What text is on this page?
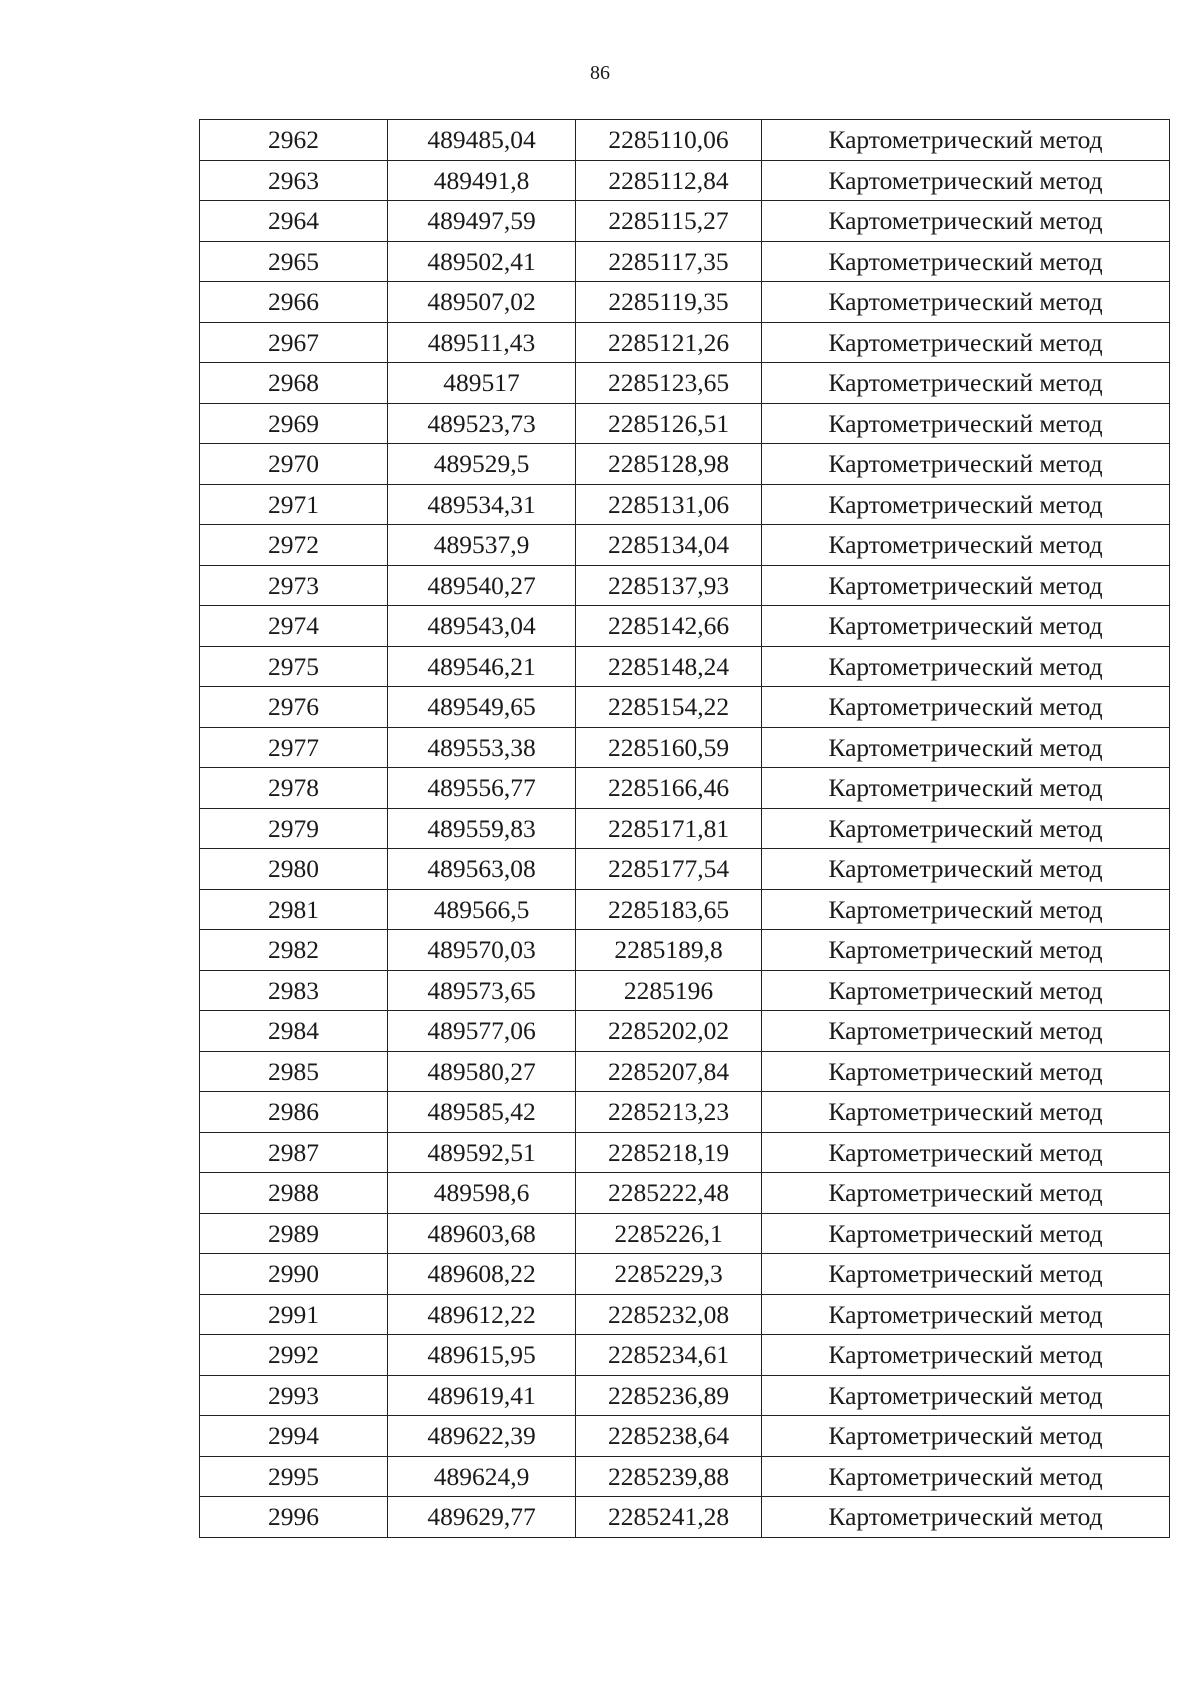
86
2962	489485,04	2285110,06	Картометрический метод
2963	489491,8	2285112,84	Картометрический метод
2964	489497,59	2285115,27	Картометрический метод
2965	489502,41	2285117,35	Картометрический метод
2966	489507,02	2285119,35	Картометрический метод
2967	489511,43	2285121,26	Картометрический метод
2968	489517	2285123,65	Картометрический метод
2969	489523,73	2285126,51	Картометрический метод
2970	489529,5	2285128,98	Картометрический метод
2971	489534,31	2285131,06	Картометрический метод
2972	489537,9	2285134,04	Картометрический метод
2973	489540,27	2285137,93	Картометрический метод
2974	489543,04	2285142,66	Картометрический метод
2975	489546,21	2285148,24	Картометрический метод
2976	489549,65	2285154,22	Картометрический метод
2977	489553,38	2285160,59	Картометрический метод
2978	489556,77	2285166,46	Картометрический метод
2979	489559,83	2285171,81	Картометрический метод
2980	489563,08	2285177,54	Картометрический метод
2981	489566,5	2285183,65	Картометрический метод
2982	489570,03	2285189,8	Картометрический метод
2983	489573,65	2285196	Картометрический метод
2984	489577,06	2285202,02	Картометрический метод
2985	489580,27	2285207,84	Картометрический метод
2986	489585,42	2285213,23	Картометрический метод
2987	489592,51	2285218,19	Картометрический метод
2988	489598,6	2285222,48	Картометрический метод
2989	489603,68	2285226,1	Картометрический метод
2990	489608,22	2285229,3	Картометрический метод
2991	489612,22	2285232,08	Картометрический метод
2992	489615,95	2285234,61	Картометрический метод
2993	489619,41	2285236,89	Картометрический метод
2994	489622,39	2285238,64	Картометрический метод
2995	489624,9	2285239,88	Картометрический метод
2996	489629,77	2285241,28	Картометрический метод
